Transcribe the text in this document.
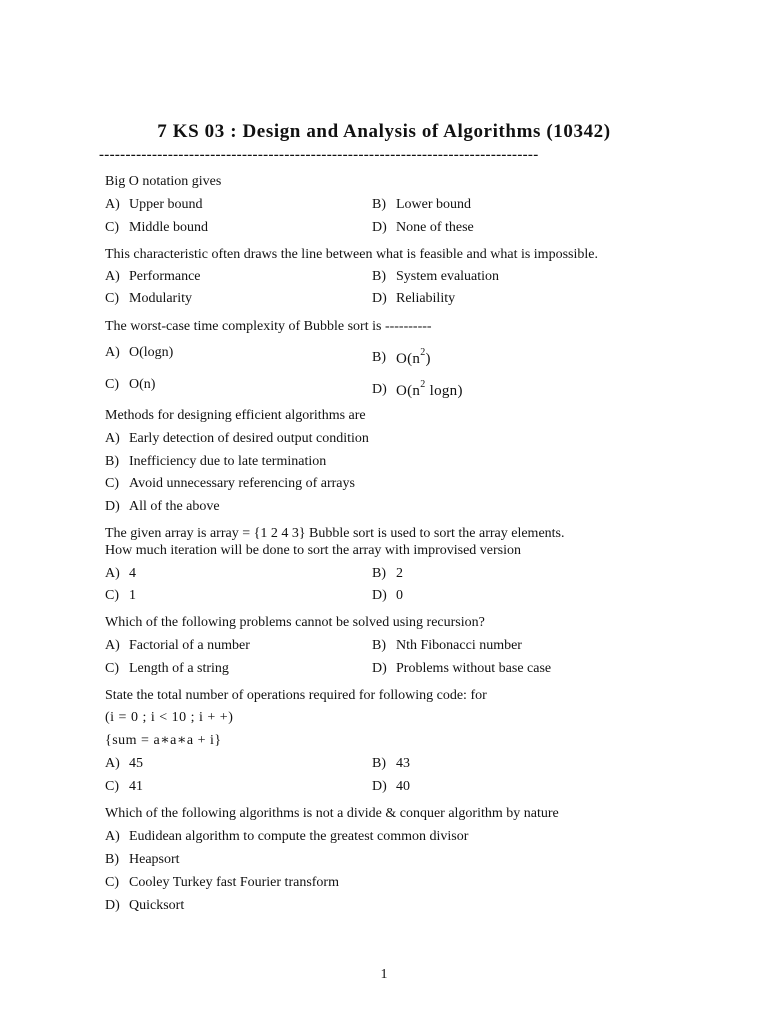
7 KS 03 : Design and Analysis of Algorithms (10342)
-----------------------------------------------------------------------------------
Big O notation gives
A) Upper bound	B) Lower bound
C) Middle bound	D) None of these
This characteristic often draws the line between what is feasible and what is impossible.
A) Performance	B) System evaluation
C) Modularity	D) Reliability
The worst-case time complexity of Bubble sort is ----------
A) O(logn)	B) $O(n^2)$
C) O(n)	D) $O(n^2$ logn)
Methods for designing efficient algorithms are
A) Early detection of desired output condition
B) Inefficiency due to late termination
C) Avoid unnecessary referencing of arrays
D) All of the above
The given array is array = {1 2 4 3} Bubble sort is used to sort the array elements.
How much iteration will be done to sort the array with improvised version
A) 4	B) 2
C) 1	D) 0
Which of the following problems cannot be solved using recursion?
A) Factorial of a number	B) Nth Fibonacci number
C) Length of a string	D) Problems without base case
State the total number of operations required for following code: for
(i = 0 ; i < 10 ; i + +)
{sum = a∗a∗a + i}
A) 45	B) 43
C) 41	D) 40
Which of the following algorithms is not a divide & conquer algorithm by nature
A) Eudidean algorithm to compute the greatest common divisor
B) Heapsort
C) Cooley Turkey fast Fourier transform
D) Quicksort
1
